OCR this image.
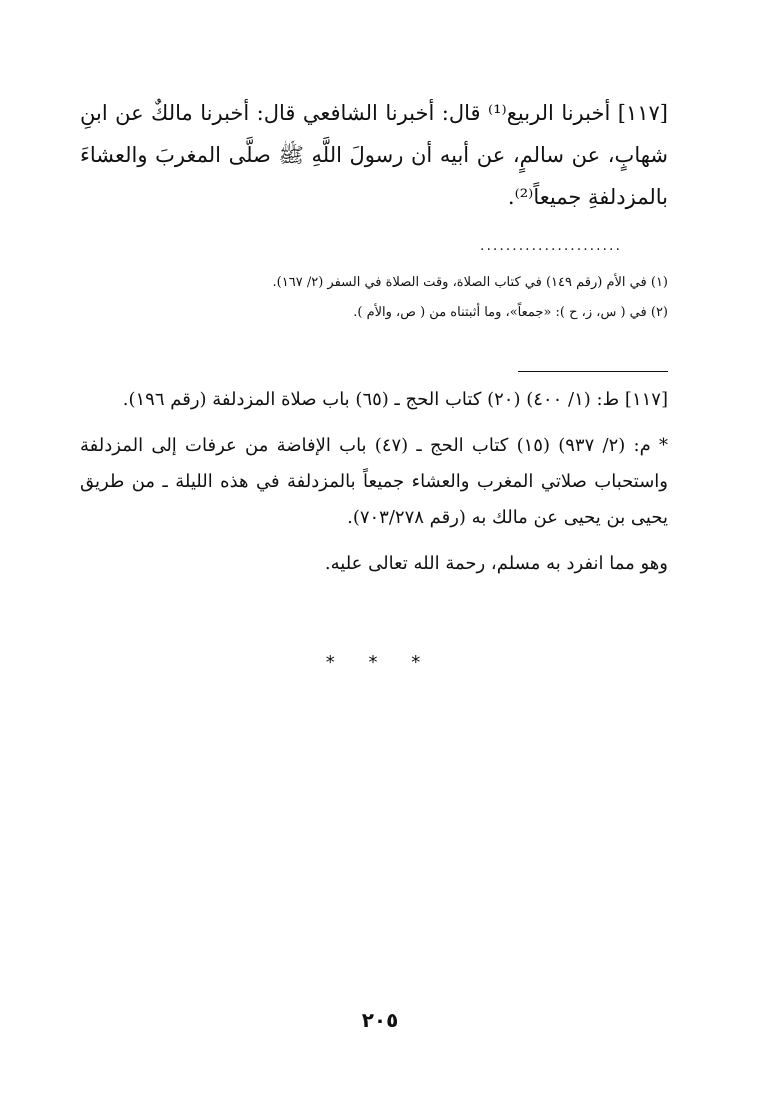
[١١٧] أخبرنا الربيع⁽¹⁾ قال: أخبرنا الشافعي قال: أخبرنا مالكٌ عن ابنِ شهابٍ، عن سالمٍ، عن أبيه أن رسولَ اللَّهِ ﷺ صلَّى المغربَ والعشاءَ بالمزدلفةِ جميعاً⁽²⁾.
......................

(١) في الأم (رقم ١٤٩) في كتاب الصلاة، وقت الصلاة في السفر (٢/ ١٦٧).

(٢) في ( س، ز، ح ): «جمعاً»، وما أثبتناه من ( ص، والأم ).

[١١٧] ط: (١/ ٤٠٠) (٢٠) كتاب الحج ـ (٦٥) باب صلاة المزدلفة (رقم ١٩٦).

* م: (٢/ ٩٣٧) (١٥) كتاب الحج ـ (٤٧) باب الإفاضة من عرفات إلى المزدلفة واستحباب صلاتي المغرب والعشاء جميعاً بالمزدلفة في هذه الليلة ـ من طريق يحيى بن يحيى عن مالك به (رقم ٧٠٣/٢٧٨).

وهو مما انفرد به مسلم، رحمة الله تعالى عليه.

* * *
٢٠٥
